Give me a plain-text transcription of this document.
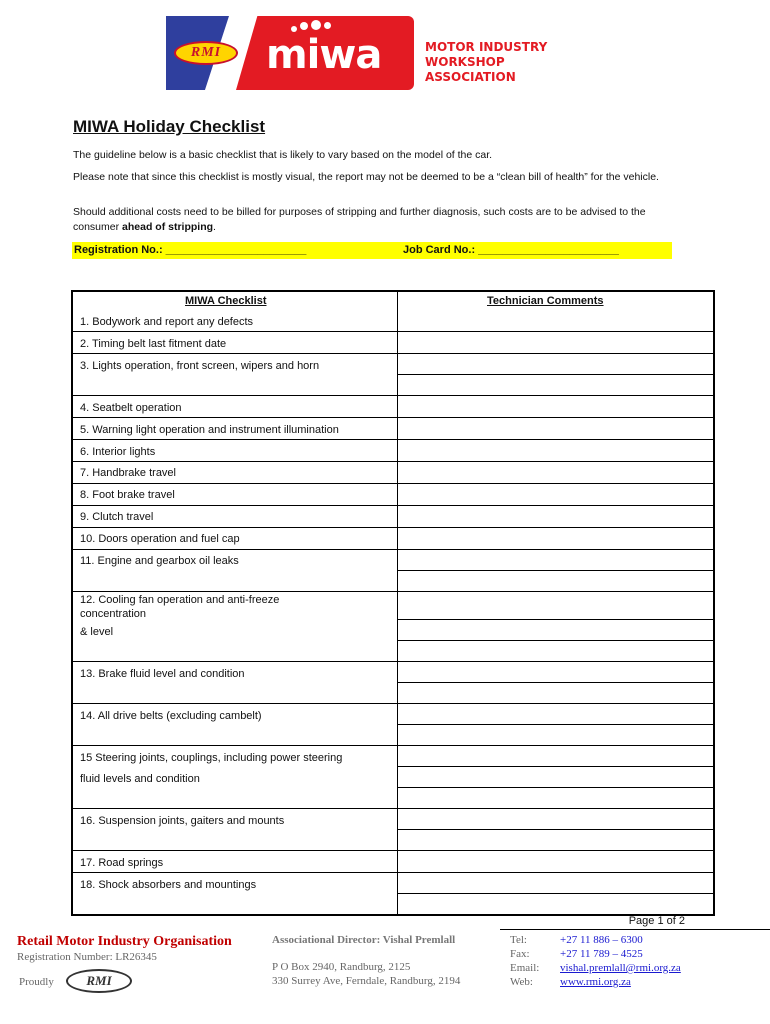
RMI	miwa	MOTOR INDUSTRY
WORKSHOP ASSOCIATION
MIWA Holiday Checklist
The guideline below is a basic checklist that is likely to vary based on the model of the car.
Please note that since this checklist is mostly visual, the report may not be deemed to be a “clean bill of health” for the vehicle.
Should additional costs need to be billed for purposes of stripping and further diagnosis, such costs are to be advised to the consumer ahead of stripping.
Registration No.: _______________________	Job Card No.: _______________________
MIWA Checklist	Technician Comments
1. Bodywork and report any defects
2. Timing belt last fitment date
3. Lights operation, front screen, wipers and horn
4. Seatbelt operation
5. Warning light operation and instrument illumination
6. Interior lights
7. Handbrake travel
8. Foot brake travel
9. Clutch travel
10. Doors operation and fuel cap
11. Engine and gearbox oil leaks
12. Cooling fan operation and anti-freeze concentration
& level
13. Brake fluid level and condition
14. All drive belts (excluding cambelt)
15 Steering joints, couplings, including power steering
fluid levels and condition
16. Suspension joints, gaiters and mounts
17. Road springs
18. Shock absorbers and mountings
Page 1 of 2
Retail Motor Industry Organisation
Registration Number: LR26345
Proudly	RMI
Associational Director: Vishal Premlall
P O Box 2940, Randburg, 2125
330 Surrey Ave, Ferndale, Randburg, 2194
Tel:	+27 11 886 – 6300
Fax:	+27 11 789 – 4525
Email: vishal.premlall@rmi.org.za
Web: www.rmi.org.za
